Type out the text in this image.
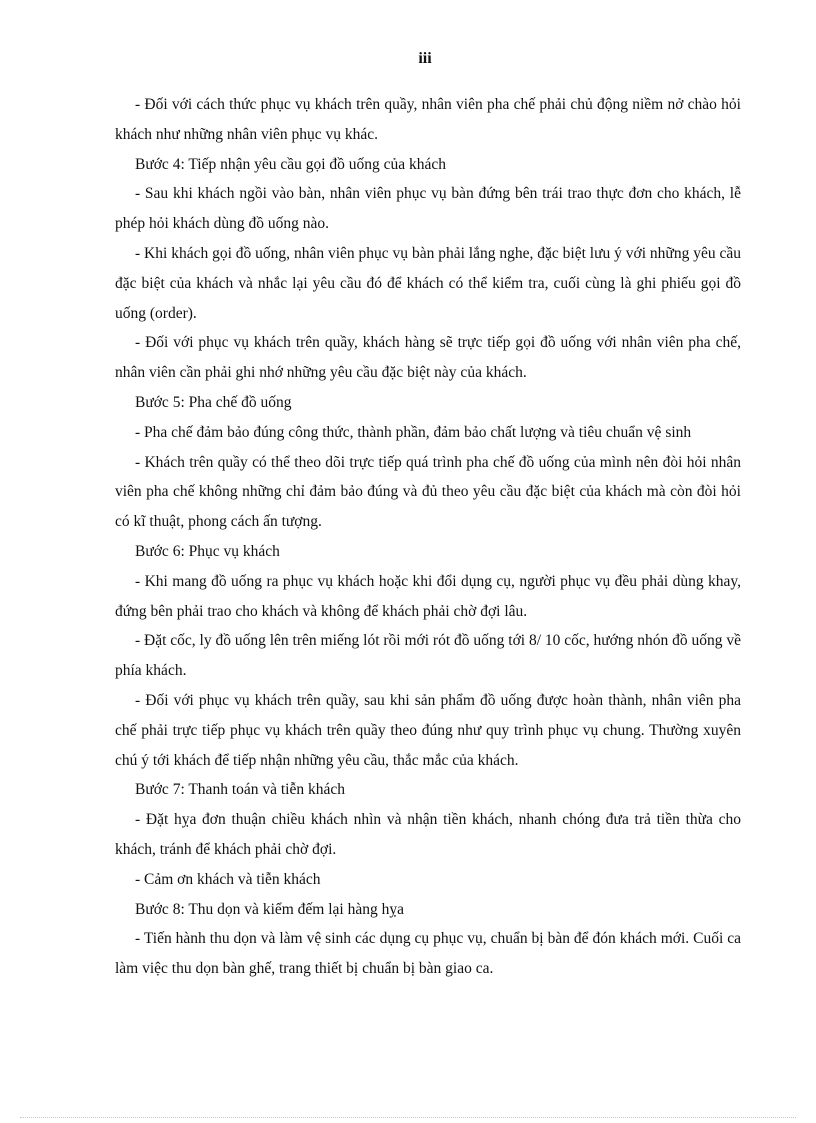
iii

- Đối với cách thức phục vụ khách trên quầy, nhân viên pha chế phải chủ động niềm nở chào hỏi khách như những nhân viên phục vụ khác.

Bước 4: Tiếp nhận yêu cầu gọi đồ uống của khách

- Sau khi khách ngồi vào bàn, nhân viên phục vụ bàn đứng bên trái trao thực đơn cho khách, lễ phép hỏi khách dùng đồ uống nào.

- Khi khách gọi đồ uống, nhân viên phục vụ bàn phải lắng nghe, đặc biệt lưu ý với những yêu cầu đặc biệt của khách và nhắc lại yêu cầu đó để khách có thể kiểm tra, cuối cùng là ghi phiếu gọi đồ uống (order).

- Đối với phục vụ khách trên quầy, khách hàng sẽ trực tiếp gọi đồ uống với nhân viên pha chế, nhân viên cần phải ghi nhớ những yêu cầu đặc biệt này của khách.

Bước 5: Pha chế đồ uống

- Pha chế đảm bảo đúng công thức, thành phần, đảm bảo chất lượng và tiêu chuẩn vệ sinh

- Khách trên quầy có thể theo dõi trực tiếp quá trình pha chế đồ uống của mình nên đòi hỏi nhân viên pha chế không những chỉ đảm bảo đúng và đủ theo yêu cầu đặc biệt của khách mà còn đòi hỏi có kĩ thuật, phong cách ấn tượng.

Bước 6: Phục vụ khách

- Khi mang đồ uống ra phục vụ khách hoặc khi đổi dụng cụ, người phục vụ đều phải dùng khay, đứng bên phải trao cho khách và không để khách phải chờ đợi lâu.

- Đặt cốc, ly đồ uống lên trên miếng lót rồi mới rót đồ uống tới 8/ 10 cốc, hướng nhón đồ uống về phía khách.

- Đối với phục vụ khách trên quầy, sau khi sản phẩm đồ uống được hoàn thành, nhân viên pha chế phải trực tiếp phục vụ khách trên quầy theo đúng như quy trình phục vụ chung. Thường xuyên chú ý tới khách để tiếp nhận những yêu cầu, thắc mắc của khách.

Bước 7: Thanh toán và tiễn khách

- Đặt hỵa đơn thuận chiều khách nhìn và nhận tiền khách, nhanh chóng đưa trả tiền thừa cho khách, tránh để khách phải chờ đợi.

- Cảm ơn khách và tiễn khách

Bước 8: Thu dọn và kiểm đếm lại hàng hỵa

- Tiến hành thu dọn và làm vệ sinh các dụng cụ phục vụ, chuẩn bị bàn để đón khách mới. Cuối ca làm việc thu dọn bàn ghế, trang thiết bị chuẩn bị bàn giao ca.
